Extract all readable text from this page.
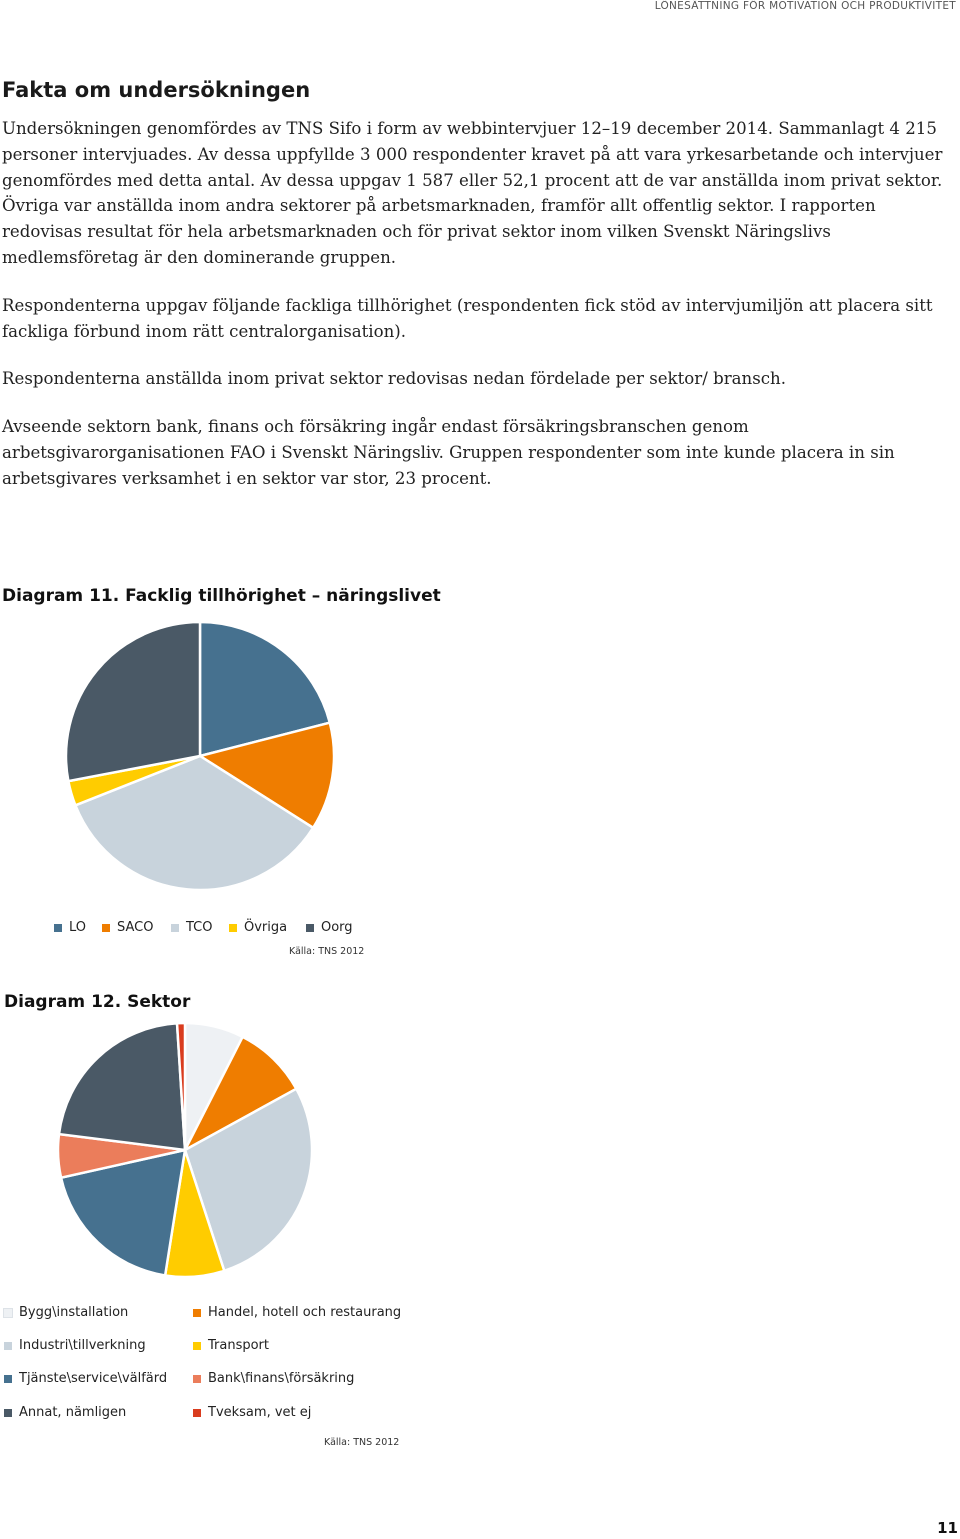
LÖNESÄTTNING FÖR MOTIVATION OCH PRODUKTIVITET
Fakta om undersökningen

Undersökningen genomfördes av TNS Sifo i form av webbintervjuer 12–19 december 2014. Sammanlagt 4 215 personer intervjuades. Av dessa uppfyllde 3 000 respondenter kravet på att vara yrkesarbetande och intervjuer genomfördes med detta antal. Av dessa uppgav 1 587 eller 52,1 procent att de var anställda inom privat sektor. Övriga var anställda inom andra sektorer på arbetsmarknaden, framför allt offentlig sektor. I rapporten redovisas resultat för hela arbetsmarknaden och för privat sektor inom vilken Svenskt Näringslivs medlemsföretag är den dominerande gruppen.

Respondenterna uppgav följande fackliga tillhörighet (respondenten fick stöd av intervjumiljön att placera sitt fackliga förbund inom rätt centralorganisation).

Respondenterna anställda inom privat sektor redovisas nedan fördelade per sektor/ bransch.

Avseende sektorn bank, finans och försäkring ingår endast försäkringsbranschen genom arbetsgivarorganisationen FAO i Svenskt Näringsliv. Gruppen respondenter som inte kunde placera in sin arbetsgivares verksamhet i en sektor var stor, 23 procent.

Diagram 11. Facklig tillhörighet – näringslivet
LO SACO	TCO Övriga	Oorg
Källa: TNS 2012
Diagram 12. Sektor
Bygg\installation	Handel, hotell och restaurang
Industri\tillverkning	Transport
Tjänste\service\välfärd	Bank\finans\försäkring
Annat, nämligen	Tveksam, vet ej
Källa: TNS 2012
11
